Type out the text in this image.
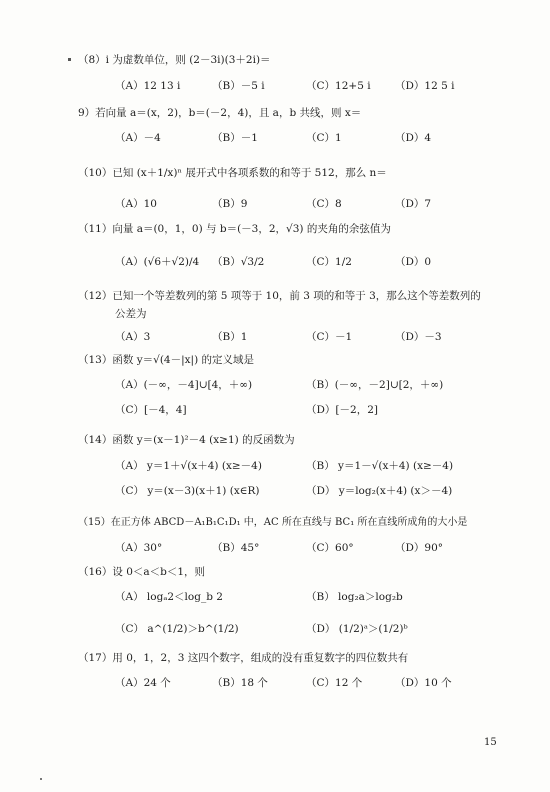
（8）i 为虚数单位，则 (2－3i)(3＋2i)＝
（A）12 13 i	（B）－5 i	（C）12+5 i （D）12 5 i
9）若向量 a＝(x，2)，b＝(－2，4)，且 a，b 共线，则 x＝
（A）－4	（B）－1	（C）1	（D）4
（10）已知 (x＋1/x)ⁿ 展开式中各项系数的和等于 512，那么 n＝
（A）10	（B）9	（C）8	（D）7
（11）向量 a＝(0，1，0) 与 b＝(－3，2，√3) 的夹角的余弦值为
（A）(√6＋√2)/4 （B）√3/2	（C）1/2	（D）0
（12）已知一个等差数列的第 5 项等于 10，前 3 项的和等于 3，那么这个等差数列的
公差为
（A）3	（B）1	（C）－1	（D）－3
（13）函数 y＝√(4－|x|) 的定义域是
（A）(－∞，－4]∪[4，＋∞)	（B）(－∞，－2]∪[2，＋∞)
（C）[－4，4]	（D）[－2，2]
（14）函数 y＝(x－1)²－4 (x≥1) 的反函数为
（A） y＝1＋√(x＋4) (x≥－4)	（B） y＝1－√(x＋4) (x≥－4)
（C） y＝(x－3)(x＋1) (x∈R)	（D） y＝log₂(x＋4) (x＞－4)
（15）在正方体 ABCD－A₁B₁C₁D₁ 中，AC 所在直线与 BC₁ 所在直线所成角的大小是
（A）30°	（B）45°	（C）60°	（D）90°
（16）设 0＜a＜b＜1，则
（A） logₐ2＜log_b 2	（B） log₂a＞log₂b
（C） a^(1/2)＞b^(1/2)	（D） (1/2)ᵃ＞(1/2)ᵇ
（17）用 0，1，2，3 这四个数字，组成的没有重复数字的四位数共有
（A）24 个	（B）18 个	（C）12 个	（D）10 个
15
